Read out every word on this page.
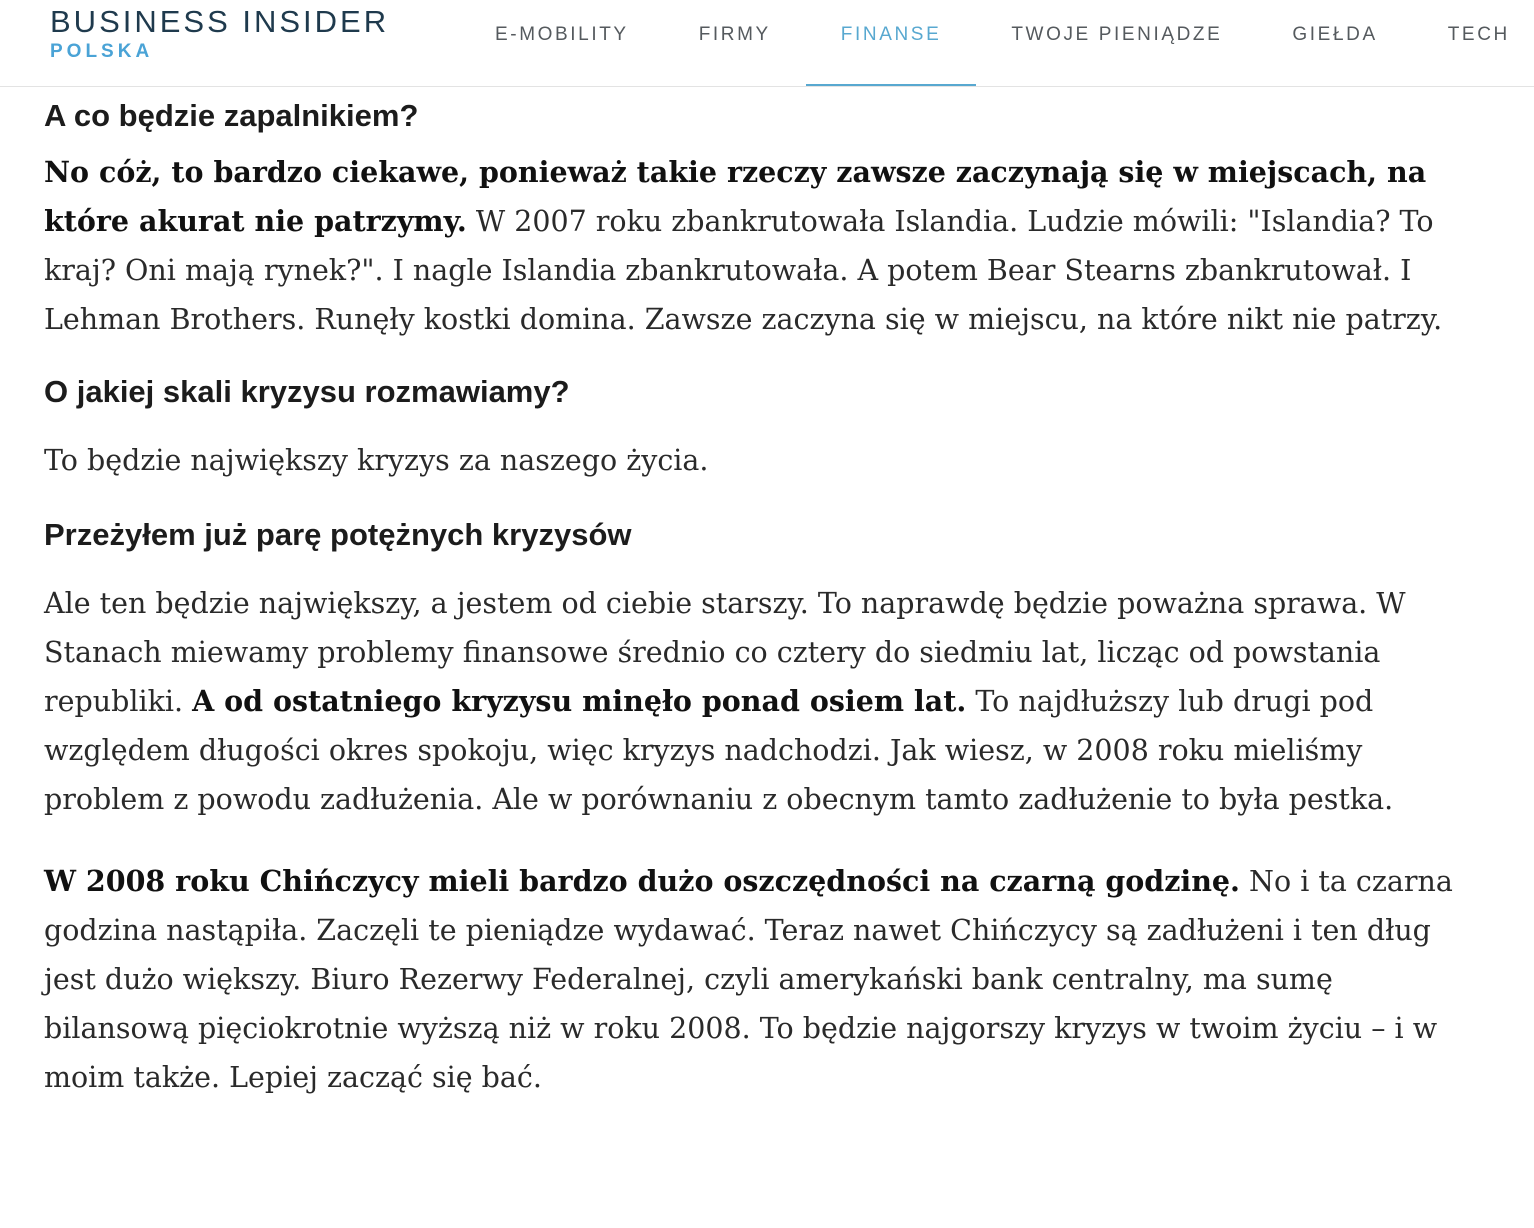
BUSINESS INSIDER
POLSKA
E-MOBILITY	FIRMY	FINANSE	TWOJE PIENIĄDZE	GIEŁDA	TECH
A co będzie zapalnikiem?

No cóż, to bardzo ciekawe, ponieważ takie rzeczy zawsze zaczynają się w miejscach, na które akurat nie patrzymy. W 2007 roku zbankrutowała Islandia. Ludzie mówili: "Islandia? To kraj? Oni mają rynek?". I nagle Islandia zbankrutowała. A potem Bear Stearns zbankrutował. I Lehman Brothers. Runęły kostki domina. Zawsze zaczyna się w miejscu, na które nikt nie patrzy.

O jakiej skali kryzysu rozmawiamy?

To będzie największy kryzys za naszego życia.

Przeżyłem już parę potężnych kryzysów

Ale ten będzie największy, a jestem od ciebie starszy. To naprawdę będzie poważna sprawa. W Stanach miewamy problemy finansowe średnio co cztery do siedmiu lat, licząc od powstania republiki. A od ostatniego kryzysu minęło ponad osiem lat. To najdłuższy lub drugi pod względem długości okres spokoju, więc kryzys nadchodzi. Jak wiesz, w 2008 roku mieliśmy problem z powodu zadłużenia. Ale w porównaniu z obecnym tamto zadłużenie to była pestka.

W 2008 roku Chińczycy mieli bardzo dużo oszczędności na czarną godzinę. No i ta czarna godzina nastąpiła. Zaczęli te pieniądze wydawać. Teraz nawet Chińczycy są zadłużeni i ten dług jest dużo większy. Biuro Rezerwy Federalnej, czyli amerykański bank centralny, ma sumę bilansową pięciokrotnie wyższą niż w roku 2008. To będzie najgorszy kryzys w twoim życiu – i w moim także. Lepiej zacząć się bać.
